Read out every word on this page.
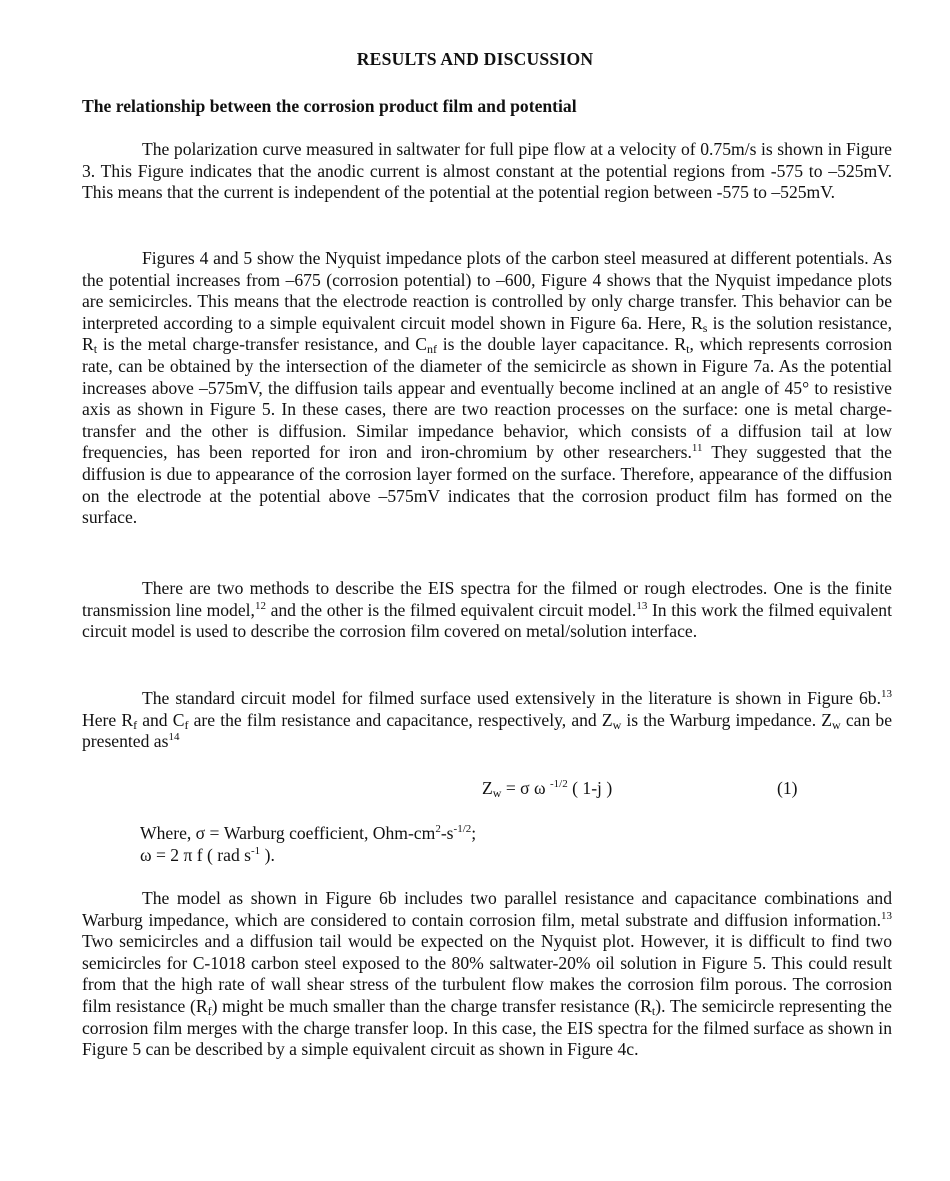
RESULTS AND DISCUSSION
The relationship between the corrosion product film and potential

The polarization curve measured in saltwater for full pipe flow at a velocity of 0.75m/s is shown in Figure 3. This Figure indicates that the anodic current is almost constant at the potential regions from -575 to –525mV. This means that the current is independent of the potential at the potential region between -575 to –525mV.

Figures 4 and 5 show the Nyquist impedance plots of the carbon steel measured at different potentials. As the potential increases from –675 (corrosion potential) to –600, Figure 4 shows that the Nyquist impedance plots are semicircles. This means that the electrode reaction is controlled by only charge transfer. This behavior can be interpreted according to a simple equivalent circuit model shown in Figure 6a. Here, $R_s$ is the solution resistance, $R_t$ is the metal charge-transfer resistance, and $C_{nf}$ is the double layer capacitance. $R_t$, which represents corrosion rate, can be obtained by the intersection of the diameter of the semicircle as shown in Figure 7a. As the potential increases above –575mV, the diffusion tails appear and eventually become inclined at an angle of 45° to resistive axis as shown in Figure 5. In these cases, there are two reaction processes on the surface: one is metal charge-transfer and the other is diffusion. Similar impedance behavior, which consists of a diffusion tail at low frequencies, has been reported for iron and iron-chromium by other researchers.$^{11}$ They suggested that the diffusion is due to appearance of the corrosion layer formed on the surface. Therefore, appearance of the diffusion on the electrode at the potential above –575mV indicates that the corrosion product film has formed on the surface.

There are two methods to describe the EIS spectra for the filmed or rough electrodes. One is the finite transmission line model,$^{12}$ and the other is the filmed equivalent circuit model.$^{13}$ In this work the filmed equivalent circuit model is used to describe the corrosion film covered on metal/solution interface.

The standard circuit model for filmed surface used extensively in the literature is shown in Figure 6b.$^{13}$ Here $R_f$ and $C_f$ are the film resistance and capacitance, respectively, and $Z_w$ is the Warburg impedance. $Z_w$ can be presented $as^{14}$

$Z_w = \sigma$ ω $^{-1/2}$ ( 1-j )	(1)
Where, σ = Warburg coefficient, Ohm-$cm^2-s^{-1/2}$;
ω = 2 π f ( rad $s^{-1}$ ).

The model as shown in Figure 6b includes two parallel resistance and capacitance combinations and Warburg impedance, which are considered to contain corrosion film, metal substrate and diffusion information.$^{13}$ Two semicircles and a diffusion tail would be expected on the Nyquist plot. However, it is difficult to find two semicircles for C-1018 carbon steel exposed to the 80% saltwater-20% oil solution in Figure 5. This could result from that the high rate of wall shear stress of the turbulent flow makes the corrosion film porous. The corrosion film resistance $(R_f)$ might be much smaller than the charge transfer resistance $(R_t)$. The semicircle representing the corrosion film merges with the charge transfer loop. In this case, the EIS spectra for the filmed surface as shown in Figure 5 can be described by a simple equivalent circuit as shown in Figure 4c.
